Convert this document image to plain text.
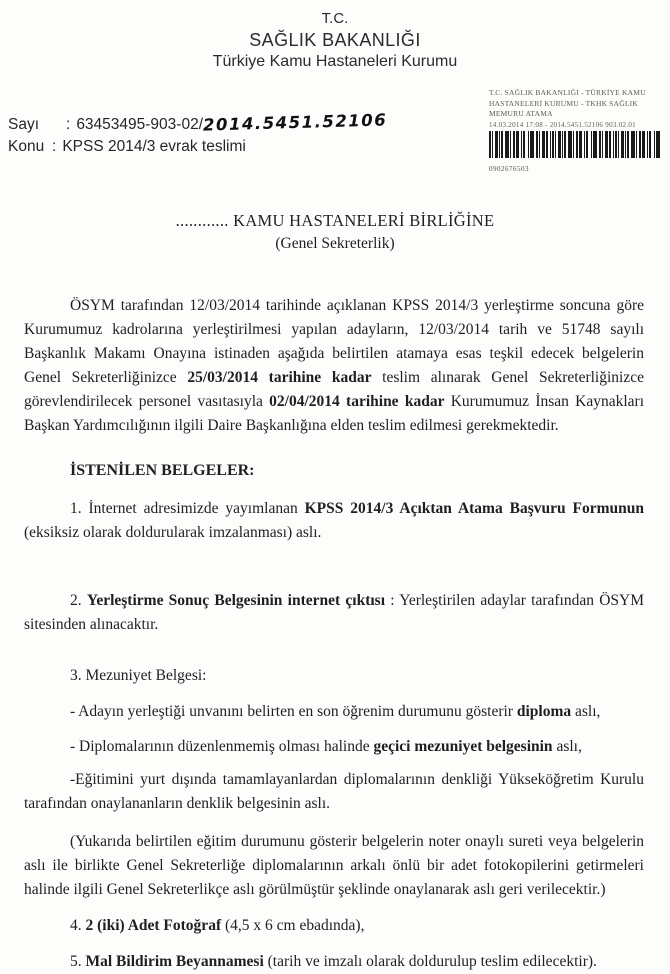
T.C.
SAĞLIK BAKANLIĞI
Türkiye Kamu Hastaneleri Kurumu
Sayı	: 63453495-903-02/ 2014.5451.52106
Konu : KPSS 2014/3 evrak teslimi
T.C. SAĞLIK BAKANLIĞI - TÜRKİYE KAMU
HASTANELERİ KURUMU - TKHK SAĞLIK
MEMURU ATAMA
14.03.2014 17:08 - 2014.5451.52106 903.02.01
0902676503
............ KAMU HASTANELERİ BİRLİĞİNE
(Genel Sekreterlik)

ÖSYM tarafından 12/03/2014 tarihinde açıklanan KPSS 2014/3 yerleştirme soncuna göre Kurumumuz kadrolarına yerleştirilmesi yapılan adayların, 12/03/2014 tarih ve 51748 sayılı Başkanlık Makamı Onayına istinaden aşağıda belirtilen atamaya esas teşkil edecek belgelerin Genel Sekreterliğinizce 25/03/2014 tarihine kadar teslim alınarak Genel Sekreterliğinizce görevlendirilecek personel vasıtasıyla 02/04/2014 tarihine kadar Kurumumuz İnsan Kaynakları Başkan Yardımcılığının ilgili Daire Başkanlığına elden teslim edilmesi gerekmektedir.

İSTENİLEN BELGELER:

1. İnternet adresimizde yayımlanan KPSS 2014/3 Açıktan Atama Başvuru Formunun (eksiksiz olarak doldurularak imzalanması) aslı.

2. Yerleştirme Sonuç Belgesinin internet çıktısı : Yerleştirilen adaylar tarafından ÖSYM sitesinden alınacaktır.

3. Mezuniyet Belgesi:

- Adayın yerleştiği unvanını belirten en son öğrenim durumunu gösterir diploma aslı,

- Diplomalarının düzenlenmemiş olması halinde geçici mezuniyet belgesinin aslı,

-Eğitimini yurt dışında tamamlayanlardan diplomalarının denkliği Yükseköğretim Kurulu tarafından onaylananların denklik belgesinin aslı.

(Yukarıda belirtilen eğitim durumunu gösterir belgelerin noter onaylı sureti veya belgelerin aslı ile birlikte Genel Sekreterliğe diplomalarının arkalı önlü bir adet fotokopilerini getirmeleri halinde ilgili Genel Sekreterlikçe aslı görülmüştür şeklinde onaylanarak aslı geri verilecektir.)

4. 2 (iki) Adet Fotoğraf (4,5 x 6 cm ebadında),

5. Mal Bildirim Beyannamesi (tarih ve imzalı olarak doldurulup teslim edilecektir).
